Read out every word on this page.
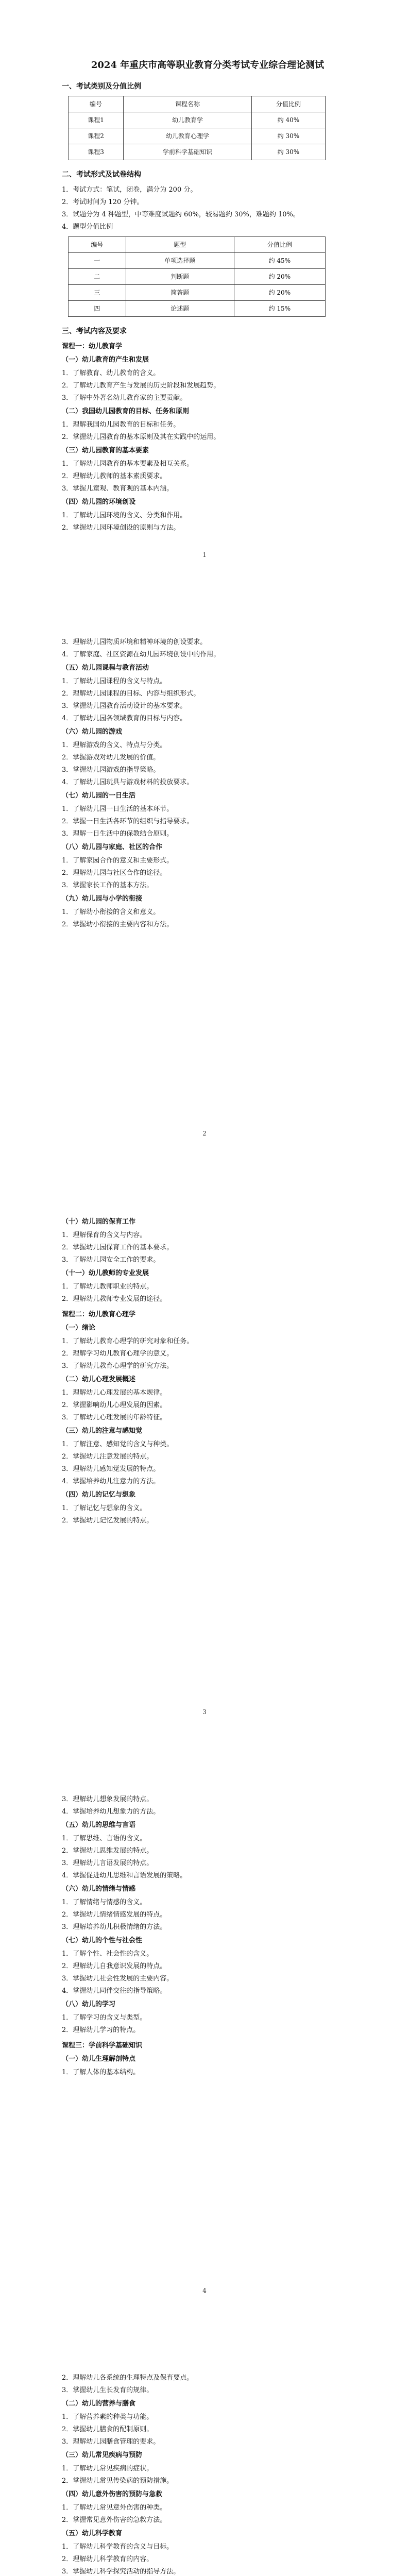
2024 年重庆市高等职业教育分类考试专业综合理论测试
一、考试类别及分值比例
编号	课程名称	分值比例
课程1	幼儿教育学	约 40%
课程2	幼儿教育心理学	约 30%
课程3	学前科学基础知识	约 30%
二、考试形式及试卷结构
1．考试方式：笔试，闭卷，满分为 200 分。
2．考试时间为 120 分钟。
3．试题分为 4 种题型，中等难度试题约 60%，较易题约 30%，难题约 10%。
4．题型分值比例
编号	题型	分值比例
一	单项选择题	约 45%
二	判断题	约 20%
三	简答题	约 20%
四	论述题	约 15%
三、考试内容及要求
课程一：幼儿教育学
（一）幼儿教育的产生和发展
1．了解教育、幼儿教育的含义。
2．了解幼儿教育产生与发展的历史阶段和发展趋势。
3．了解中外著名幼儿教育家的主要贡献。
（二）我国幼儿园教育的目标、任务和原则
1．理解我国幼儿园教育的目标和任务。
2．掌握幼儿园教育的基本原则及其在实践中的运用。
（三）幼儿园教育的基本要素
1．了解幼儿园教育的基本要素及相互关系。
2．理解幼儿教师的基本素质要求。
3．掌握儿童观、教育观的基本内涵。
（四）幼儿园的环境创设
1．了解幼儿园环境的含义、分类和作用。
2．掌握幼儿园环境创设的原则与方法。
1
3．理解幼儿园物质环境和精神环境的创设要求。
4．了解家庭、社区资源在幼儿园环境创设中的作用。
（五）幼儿园课程与教育活动
1．了解幼儿园课程的含义与特点。
2．理解幼儿园课程的目标、内容与组织形式。
3．掌握幼儿园教育活动设计的基本要求。
4．了解幼儿园各领域教育的目标与内容。
（六）幼儿园的游戏
1．理解游戏的含义、特点与分类。
2．掌握游戏对幼儿发展的价值。
3．掌握幼儿园游戏的指导策略。
4．了解幼儿园玩具与游戏材料的投放要求。
（七）幼儿园的一日生活
1．了解幼儿园一日生活的基本环节。
2．掌握一日生活各环节的组织与指导要求。
3．理解一日生活中的保教结合原则。
（八）幼儿园与家庭、社区的合作
1．了解家园合作的意义和主要形式。
2．理解幼儿园与社区合作的途径。
3．掌握家长工作的基本方法。
（九）幼儿园与小学的衔接
1．了解幼小衔接的含义和意义。
2．掌握幼小衔接的主要内容和方法。
2
（十）幼儿园的保育工作
1．理解保育的含义与内容。
2．掌握幼儿园保育工作的基本要求。
3．了解幼儿园安全工作的要求。
（十一）幼儿教师的专业发展
1．了解幼儿教师职业的特点。
2．理解幼儿教师专业发展的途径。
课程二：幼儿教育心理学
（一）绪论
1．了解幼儿教育心理学的研究对象和任务。
2．理解学习幼儿教育心理学的意义。
3．了解幼儿教育心理学的研究方法。
（二）幼儿心理发展概述
1．理解幼儿心理发展的基本规律。
2．掌握影响幼儿心理发展的因素。
3．了解幼儿心理发展的年龄特征。
（三）幼儿的注意与感知觉
1．了解注意、感知觉的含义与种类。
2．掌握幼儿注意发展的特点。
3．理解幼儿感知觉发展的特点。
4．掌握培养幼儿注意力的方法。
（四）幼儿的记忆与想象
1．了解记忆与想象的含义。
2．掌握幼儿记忆发展的特点。
3
3．理解幼儿想象发展的特点。
4．掌握培养幼儿想象力的方法。
（五）幼儿的思维与言语
1．了解思维、言语的含义。
2．掌握幼儿思维发展的特点。
3．理解幼儿言语发展的特点。
4．掌握促进幼儿思维和言语发展的策略。
（六）幼儿的情绪与情感
1．了解情绪与情感的含义。
2．掌握幼儿情绪情感发展的特点。
3．理解培养幼儿积极情绪的方法。
（七）幼儿的个性与社会性
1．了解个性、社会性的含义。
2．理解幼儿自我意识发展的特点。
3．掌握幼儿社会性发展的主要内容。
4．掌握幼儿同伴交往的指导策略。
（八）幼儿的学习
1．了解学习的含义与类型。
2．理解幼儿学习的特点。
课程三：学前科学基础知识
（一）幼儿生理解剖特点
1．了解人体的基本结构。
4
2．理解幼儿各系统的生理特点及保育要点。
3．掌握幼儿生长发育的规律。
（二）幼儿的营养与膳食
1．了解营养素的种类与功能。
2．掌握幼儿膳食的配制原则。
3．理解幼儿园膳食管理的要求。
（三）幼儿常见疾病与预防
1．了解幼儿常见疾病的症状。
2．掌握幼儿常见传染病的预防措施。
（四）幼儿意外伤害的预防与急救
1．了解幼儿常见意外伤害的种类。
2．掌握常见意外伤害的急救方法。
（五）幼儿科学教育
1．了解幼儿科学教育的含义与目标。
2．理解幼儿科学教育的内容。
3．掌握幼儿科学探究活动的指导方法。
